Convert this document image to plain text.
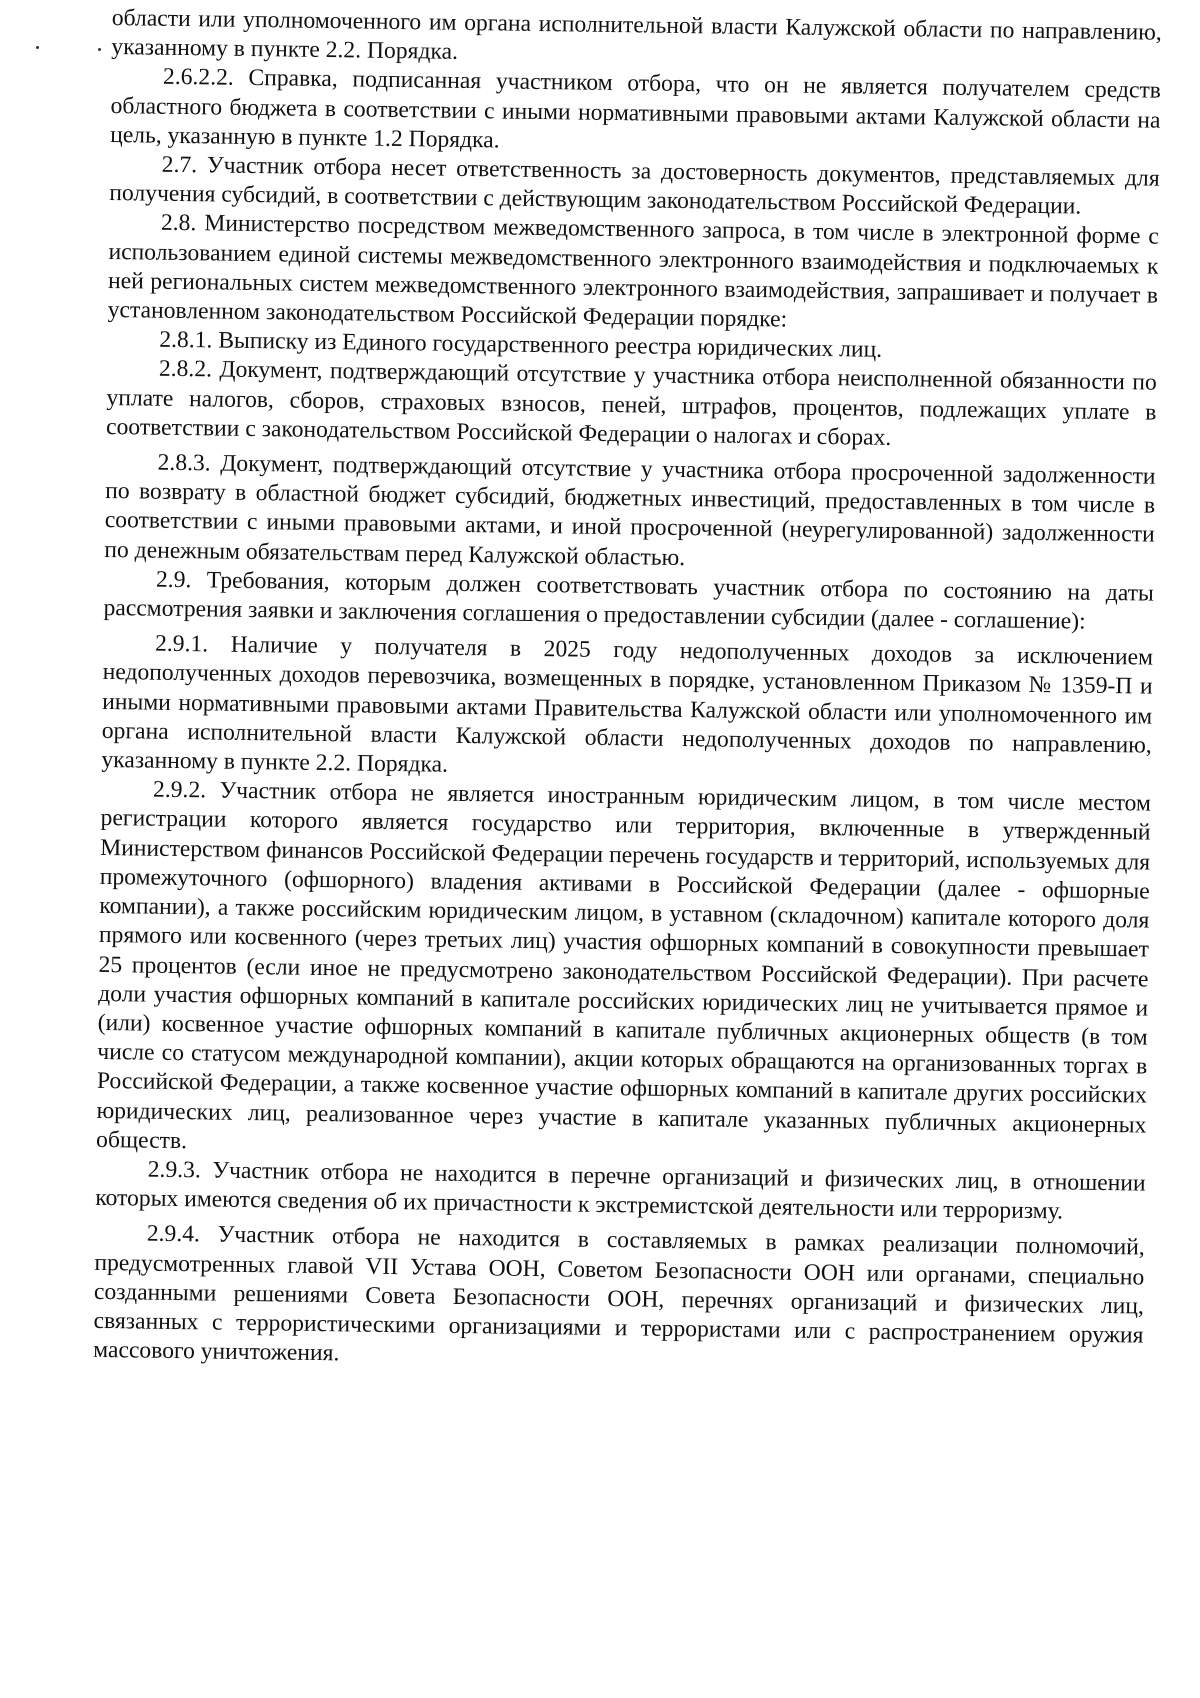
области или уполномоченного им органа исполнительной власти Калужской области по направлению, указанному в пункте 2.2. Порядка.

2.6.2.2. Справка, подписанная участником отбора, что он не является получателем средств областного бюджета в соответствии с иными нормативными правовыми актами Калужской области на цель, указанную в пункте 1.2 Порядка.

2.7. Участник отбора несет ответственность за достоверность документов, представляемых для получения субсидий, в соответствии с действующим законодательством Российской Федерации.

2.8. Министерство посредством межведомственного запроса, в том числе в электронной форме с использованием единой системы межведомственного электронного взаимодействия и подключаемых к ней региональных систем межведомственного электронного взаимодействия, запрашивает и получает в установленном законодательством Российской Федерации порядке:

2.8.1. Выписку из Единого государственного реестра юридических лиц.

2.8.2. Документ, подтверждающий отсутствие у участника отбора неисполненной обязанности по уплате налогов, сборов, страховых взносов, пеней, штрафов, процентов, подлежащих уплате в соответствии с законодательством Российской Федерации о налогах и сборах.

2.8.3. Документ, подтверждающий отсутствие у участника отбора просроченной задолженности по возврату в областной бюджет субсидий, бюджетных инвестиций, предоставленных в том числе в соответствии с иными правовыми актами, и иной просроченной (неурегулированной) задолженности по денежным обязательствам перед Калужской областью.

2.9. Требования, которым должен соответствовать участник отбора по состоянию на даты рассмотрения заявки и заключения соглашения о предоставлении субсидии (далее - соглашение):

2.9.1. Наличие у получателя в 2025 году недополученных доходов за исключением недополученных доходов перевозчика, возмещенных в порядке, установленном Приказом № 1359-П и иными нормативными правовыми актами Правительства Калужской области или уполномоченного им органа исполнительной власти Калужской области недополученных доходов по направлению, указанному в пункте 2.2. Порядка.

2.9.2. Участник отбора не является иностранным юридическим лицом, в том числе местом регистрации которого является государство или территория, включенные в утвержденный Министерством финансов Российской Федерации перечень государств и территорий, используемых для промежуточного (офшорного) владения активами в Российской Федерации (далее - офшорные компании), а также российским юридическим лицом, в уставном (складочном) капитале которого доля прямого или косвенного (через третьих лиц) участия офшорных компаний в совокупности превышает 25 процентов (если иное не предусмотрено законодательством Российской Федерации). При расчете доли участия офшорных компаний в капитале российских юридических лиц не учитывается прямое и (или) косвенное участие офшорных компаний в капитале публичных акционерных обществ (в том числе со статусом международной компании), акции которых обращаются на организованных торгах в Российской Федерации, а также косвенное участие офшорных компаний в капитале других российских юридических лиц, реализованное через участие в капитале указанных публичных акционерных обществ.

2.9.3. Участник отбора не находится в перечне организаций и физических лиц, в отношении которых имеются сведения об их причастности к экстремистской деятельности или терроризму.

2.9.4. Участник отбора не находится в составляемых в рамках реализации полномочий, предусмотренных главой VII Устава ООН, Советом Безопасности ООН или органами, специально созданными решениями Совета Безопасности ООН, перечнях организаций и физических лиц, связанных с террористическими организациями и террористами или с распространением оружия массового уничтожения.
